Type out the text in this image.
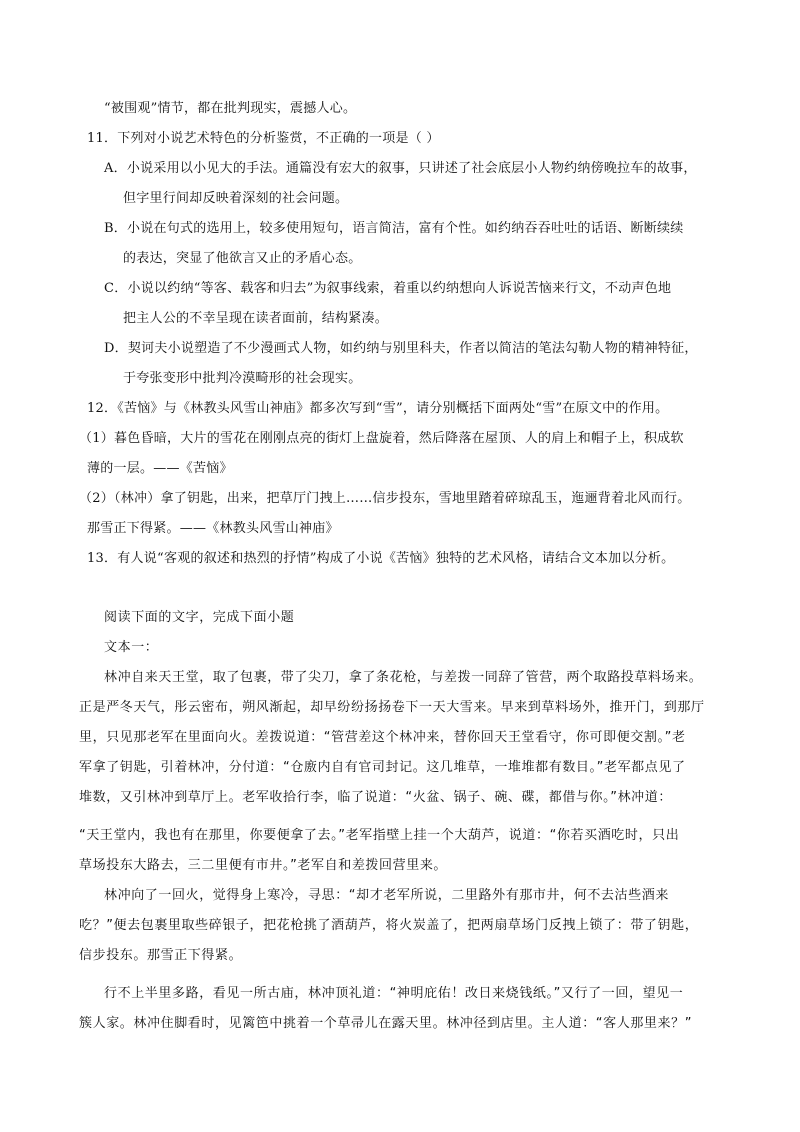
“被围观”情节，都在批判现实，震撼人心。
11．下列对小说艺术特色的分析鉴赏，不正确的一项是（ ）
A．小说采用以小见大的手法。通篇没有宏大的叙事，只讲述了社会底层小人物约纳傍晚拉车的故事，
但字里行间却反映着深刻的社会问题。
B．小说在句式的选用上，较多使用短句，语言简洁，富有个性。如约纳吞吞吐吐的话语、断断续续
的表达，突显了他欲言又止的矛盾心态。
C．小说以约纳“等客、载客和归去”为叙事线索，着重以约纳想向人诉说苦恼来行文，不动声色地
把主人公的不幸呈现在读者面前，结构紧凑。
D．契诃夫小说塑造了不少漫画式人物，如约纳与别里科夫，作者以简洁的笔法勾勒人物的精神特征，
于夸张变形中批判冷漠畸形的社会现实。
12．《苦恼》与《林教头风雪山神庙》都多次写到“雪”，请分别概括下面两处“雪”在原文中的作用。
（1）暮色昏暗，大片的雪花在刚刚点亮的街灯上盘旋着，然后降落在屋顶、人的肩上和帽子上，积成软
薄的一层。——《苦恼》
（2）（林冲）拿了钥匙，出来，把草厅门拽上……信步投东，雪地里踏着碎琼乱玉，迤逦背着北风而行。
那雪正下得紧。——《林教头风雪山神庙》
13．有人说“客观的叙述和热烈的抒情”构成了小说《苦恼》独特的艺术风格，请结合文本加以分析。
阅读下面的文字，完成下面小题
文本一：
林冲自来天王堂，取了包裹，带了尖刀，拿了条花枪，与差拨一同辞了管营，两个取路投草料场来。
正是严冬天气，彤云密布，朔风渐起，却早纷纷扬扬卷下一天大雪来。早来到草料场外，推开门，到那厅
里，只见那老军在里面向火。差拨说道：“管营差这个林冲来，替你回天王堂看守，你可即便交割。”老
军拿了钥匙，引着林冲，分付道：“仓廒内自有官司封记。这几堆草，一堆堆都有数目。”老军都点见了
堆数，又引林冲到草厅上。老军收拾行李，临了说道：“火盆、锅子、碗、碟，都借与你。”林冲道：
“天王堂内，我也有在那里，你要便拿了去。”老军指壁上挂一个大葫芦，说道：“你若买酒吃时，只出
草场投东大路去，三二里便有市井。”老军自和差拨回营里来。
林冲向了一回火，觉得身上寒冷，寻思：“却才老军所说，二里路外有那市井，何不去沽些酒来
吃？”便去包裹里取些碎银子，把花枪挑了酒葫芦，将火炭盖了，把两扇草场门反拽上锁了：带了钥匙，
信步投东。那雪正下得紧。
行不上半里多路，看见一所古庙，林冲顶礼道：“神明庇佑！改日来烧钱纸。”又行了一回，望见一
簇人家。林冲住脚看时，见篱笆中挑着一个草帚儿在露天里。林冲径到店里。主人道：“客人那里来？”
